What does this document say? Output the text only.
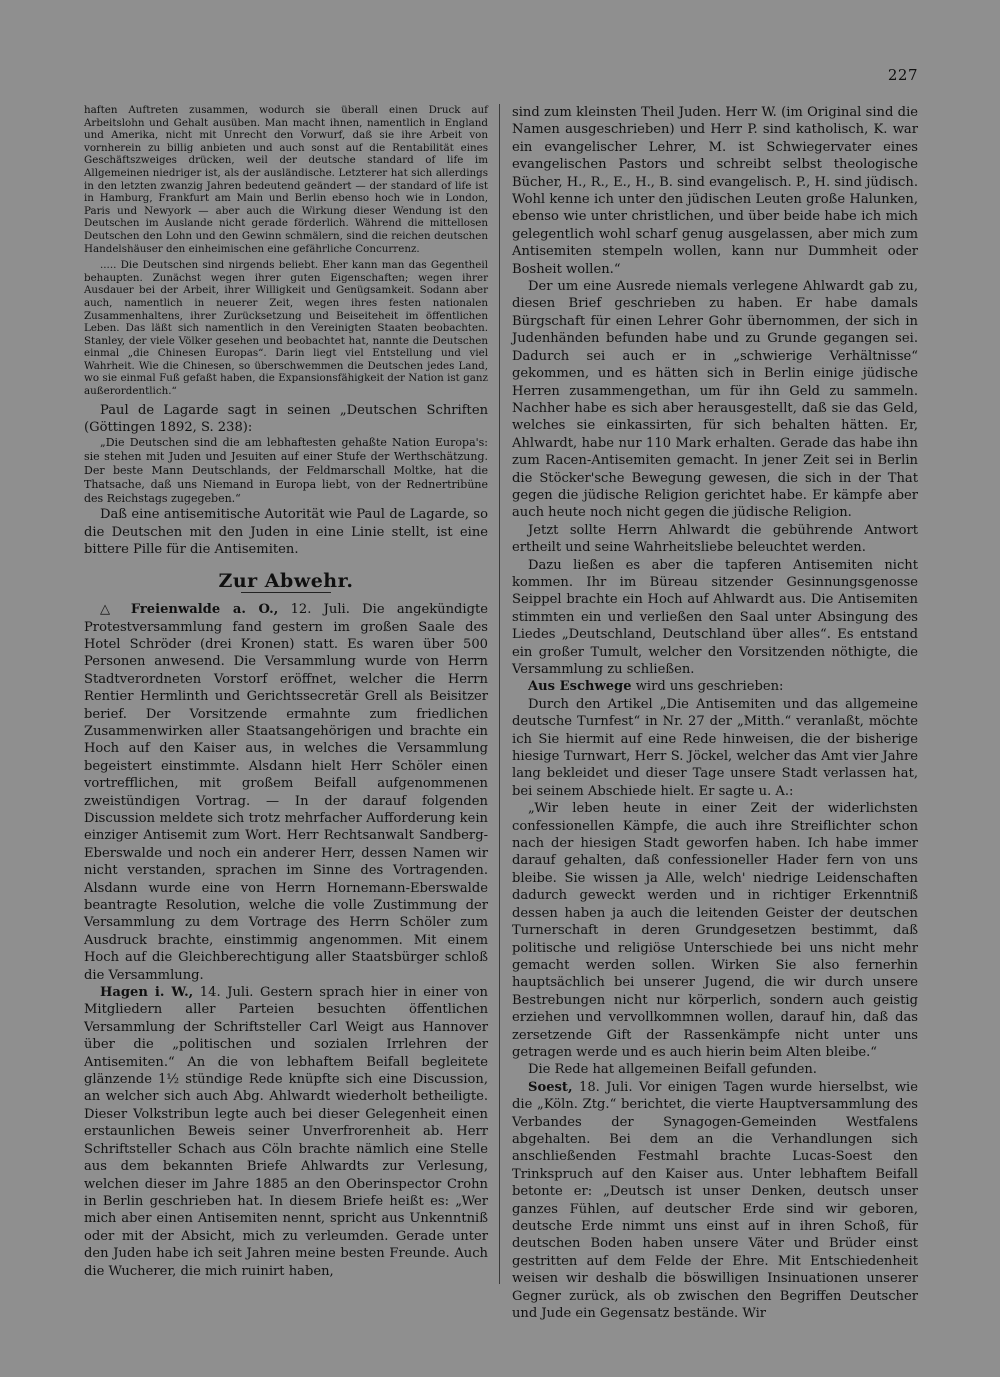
227

haften Auftreten zusammen, wodurch sie überall einen Druck auf Arbeitslohn und Gehalt ausüben. Man macht ihnen, namentlich in England und Amerika, nicht mit Unrecht den Vorwurf, daß sie ihre Arbeit von vornherein zu billig anbieten und auch sonst auf die Rentabilität eines Geschäftszweiges drücken, weil der deutsche standard of life im Allgemeinen niedriger ist, als der ausländische. Letzterer hat sich allerdings in den letzten zwanzig Jahren bedeutend geändert — der standard of life ist in Hamburg, Frankfurt am Main und Berlin ebenso hoch wie in London, Paris und Newyork — aber auch die Wirkung dieser Wendung ist den Deutschen im Auslande nicht gerade förderlich. Während die mittellosen Deutschen den Lohn und den Gewinn schmälern, sind die reichen deutschen Handelshäuser den einheimischen eine gefährliche Concurrenz.

..... Die Deutschen sind nirgends beliebt. Eher kann man das Gegentheil behaupten. Zunächst wegen ihrer guten Eigenschaften; wegen ihrer Ausdauer bei der Arbeit, ihrer Willigkeit und Genügsamkeit. Sodann aber auch, namentlich in neuerer Zeit, wegen ihres festen nationalen Zusammenhaltens, ihrer Zurücksetzung und Beiseiteheit im öffentlichen Leben. Das läßt sich namentlich in den Vereinigten Staaten beobachten. Stanley, der viele Völker gesehen und beobachtet hat, nannte die Deutschen einmal „die Chinesen Europas“. Darin liegt viel Entstellung und viel Wahrheit. Wie die Chinesen, so überschwemmen die Deutschen jedes Land, wo sie einmal Fuß gefaßt haben, die Expansionsfähigkeit der Nation ist ganz außerordentlich.“

Paul de Lagarde sagt in seinen „Deutschen Schriften (Göttingen 1892, S. 238):

„Die Deutschen sind die am lebhaftesten gehaßte Nation Europa's: sie stehen mit Juden und Jesuiten auf einer Stufe der Werthschätzung. Der beste Mann Deutschlands, der Feldmarschall Moltke, hat die Thatsache, daß uns Niemand in Europa liebt, von der Rednertribüne des Reichstags zugegeben.“

Daß eine antisemitische Autorität wie Paul de Lagarde, so die Deutschen mit den Juden in eine Linie stellt, ist eine bittere Pille für die Antisemiten.

Zur Abwehr.

△ Freienwalde a. O., 12. Juli. Die angekündigte Protestversammlung fand gestern im großen Saale des Hotel Schröder (drei Kronen) statt. Es waren über 500 Personen anwesend. Die Versammlung wurde von Herrn Stadtverordneten Vorstorf eröffnet, welcher die Herrn Rentier Hermlinth und Gerichtssecretär Grell als Beisitzer berief. Der Vorsitzende ermahnte zum friedlichen Zusammenwirken aller Staatsangehörigen und brachte ein Hoch auf den Kaiser aus, in welches die Versammlung begeistert einstimmte. Alsdann hielt Herr Schöler einen vortrefflichen, mit großem Beifall aufgenommenen zweistündigen Vortrag. — In der darauf folgenden Discussion meldete sich trotz mehrfacher Aufforderung kein einziger Antisemit zum Wort. Herr Rechtsanwalt Sandberg-Eberswalde und noch ein anderer Herr, dessen Namen wir nicht verstanden, sprachen im Sinne des Vortragenden. Alsdann wurde eine von Herrn Hornemann-Eberswalde beantragte Resolution, welche die volle Zustimmung der Versammlung zu dem Vortrage des Herrn Schöler zum Ausdruck brachte, einstimmig angenommen. Mit einem Hoch auf die Gleichberechtigung aller Staatsbürger schloß die Versammlung.

Hagen i. W., 14. Juli. Gestern sprach hier in einer von Mitgliedern aller Parteien besuchten öffentlichen Versammlung der Schriftsteller Carl Weigt aus Hannover über die „politischen und sozialen Irrlehren der Antisemiten.“ An die von lebhaftem Beifall begleitete glänzende 1½ stündige Rede knüpfte sich eine Discussion, an welcher sich auch Abg. Ahlwardt wiederholt betheiligte. Dieser Volkstribun legte auch bei dieser Gelegenheit einen erstaunlichen Beweis seiner Unverfrorenheit ab. Herr Schriftsteller Schach aus Cöln brachte nämlich eine Stelle aus dem bekannten Briefe Ahlwardts zur Verlesung, welchen dieser im Jahre 1885 an den Oberinspector Crohn in Berlin geschrieben hat. In diesem Briefe heißt es: „Wer mich aber einen Antisemiten nennt, spricht aus Unkenntniß oder mit der Absicht, mich zu verleumden. Gerade unter den Juden habe ich seit Jahren meine besten Freunde. Auch die Wucherer, die mich ruinirt haben,

sind zum kleinsten Theil Juden. Herr W. (im Original sind die Namen ausgeschrieben) und Herr P. sind katholisch, K. war ein evangelischer Lehrer, M. ist Schwiegervater eines evangelischen Pastors und schreibt selbst theologische Bücher, H., R., E., H., B. sind evangelisch. P., H. sind jüdisch. Wohl kenne ich unter den jüdischen Leuten große Halunken, ebenso wie unter christlichen, und über beide habe ich mich gelegentlich wohl scharf genug ausgelassen, aber mich zum Antisemiten stempeln wollen, kann nur Dummheit oder Bosheit wollen.“

Der um eine Ausrede niemals verlegene Ahlwardt gab zu, diesen Brief geschrieben zu haben. Er habe damals Bürgschaft für einen Lehrer Gohr übernommen, der sich in Judenhänden befunden habe und zu Grunde gegangen sei. Dadurch sei auch er in „schwierige Verhältnisse“ gekommen, und es hätten sich in Berlin einige jüdische Herren zusammengethan, um für ihn Geld zu sammeln. Nachher habe es sich aber herausgestellt, daß sie das Geld, welches sie einkassirten, für sich behalten hätten. Er, Ahlwardt, habe nur 110 Mark erhalten. Gerade das habe ihn zum Racen-Antisemiten gemacht. In jener Zeit sei in Berlin die Stöcker'sche Bewegung gewesen, die sich in der That gegen die jüdische Religion gerichtet habe. Er kämpfe aber auch heute noch nicht gegen die jüdische Religion.

Jetzt sollte Herrn Ahlwardt die gebührende Antwort ertheilt und seine Wahrheitsliebe beleuchtet werden.

Dazu ließen es aber die tapferen Antisemiten nicht kommen. Ihr im Büreau sitzender Gesinnungsgenosse Seippel brachte ein Hoch auf Ahlwardt aus. Die Antisemiten stimmten ein und verließen den Saal unter Absingung des Liedes „Deutschland, Deutschland über alles“. Es entstand ein großer Tumult, welcher den Vorsitzenden nöthigte, die Versammlung zu schließen.

Aus Eschwege wird uns geschrieben:

Durch den Artikel „Die Antisemiten und das allgemeine deutsche Turnfest“ in Nr. 27 der „Mitth.“ veranlaßt, möchte ich Sie hiermit auf eine Rede hinweisen, die der bisherige hiesige Turnwart, Herr S. Jöckel, welcher das Amt vier Jahre lang bekleidet und dieser Tage unsere Stadt verlassen hat, bei seinem Abschiede hielt. Er sagte u. A.:

„Wir leben heute in einer Zeit der widerlichsten confessionellen Kämpfe, die auch ihre Streiflichter schon nach der hiesigen Stadt geworfen haben. Ich habe immer darauf gehalten, daß confessioneller Hader fern von uns bleibe. Sie wissen ja Alle, welch' niedrige Leidenschaften dadurch geweckt werden und in richtiger Erkenntniß dessen haben ja auch die leitenden Geister der deutschen Turnerschaft in deren Grundgesetzen bestimmt, daß politische und religiöse Unterschiede bei uns nicht mehr gemacht werden sollen. Wirken Sie also fernerhin hauptsächlich bei unserer Jugend, die wir durch unsere Bestrebungen nicht nur körperlich, sondern auch geistig erziehen und vervollkommnen wollen, darauf hin, daß das zersetzende Gift der Rassenkämpfe nicht unter uns getragen werde und es auch hierin beim Alten bleibe.“

Die Rede hat allgemeinen Beifall gefunden.

Soest, 18. Juli. Vor einigen Tagen wurde hierselbst, wie die „Köln. Ztg.“ berichtet, die vierte Hauptversammlung des Verbandes der Synagogen-Gemeinden Westfalens abgehalten. Bei dem an die Verhandlungen sich anschließenden Festmahl brachte Lucas-Soest den Trinkspruch auf den Kaiser aus. Unter lebhaftem Beifall betonte er: „Deutsch ist unser Denken, deutsch unser ganzes Fühlen, auf deutscher Erde sind wir geboren, deutsche Erde nimmt uns einst auf in ihren Schoß, für deutschen Boden haben unsere Väter und Brüder einst gestritten auf dem Felde der Ehre. Mit Entschiedenheit weisen wir deshalb die böswilligen Insinuationen unserer Gegner zurück, als ob zwischen den Begriffen Deutscher und Jude ein Gegensatz bestände. Wir
